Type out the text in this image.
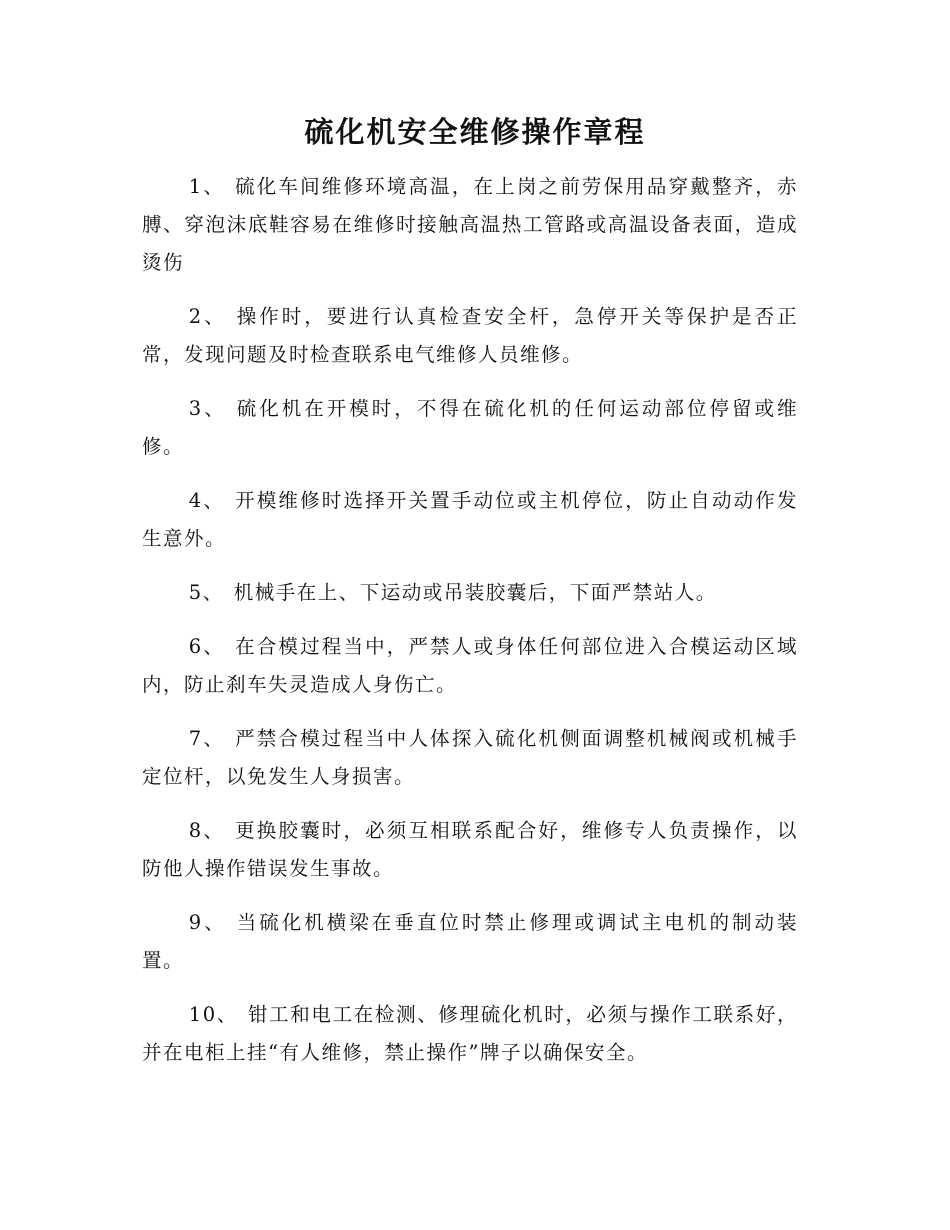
硫化机安全维修操作章程

1、 硫化车间维修环境高温，在上岗之前劳保用品穿戴整齐，赤膊、穿泡沫底鞋容易在维修时接触高温热工管路或高温设备表面，造成烫伤

2、 操作时，要进行认真检查安全杆，急停开关等保护是否正常，发现问题及时检查联系电气维修人员维修。

3、 硫化机在开模时，不得在硫化机的任何运动部位停留或维修。

4、 开模维修时选择开关置手动位或主机停位，防止自动动作发生意外。

5、 机械手在上、下运动或吊装胶囊后，下面严禁站人。

6、 在合模过程当中，严禁人或身体任何部位进入合模运动区域内，防止刹车失灵造成人身伤亡。

7、 严禁合模过程当中人体探入硫化机侧面调整机械阀或机械手定位杆，以免发生人身损害。

8、 更换胶囊时，必须互相联系配合好，维修专人负责操作，以防他人操作错误发生事故。

9、 当硫化机横梁在垂直位时禁止修理或调试主电机的制动装置。

10、 钳工和电工在检测、修理硫化机时，必须与操作工联系好，并在电柜上挂“有人维修，禁止操作”牌子以确保安全。
